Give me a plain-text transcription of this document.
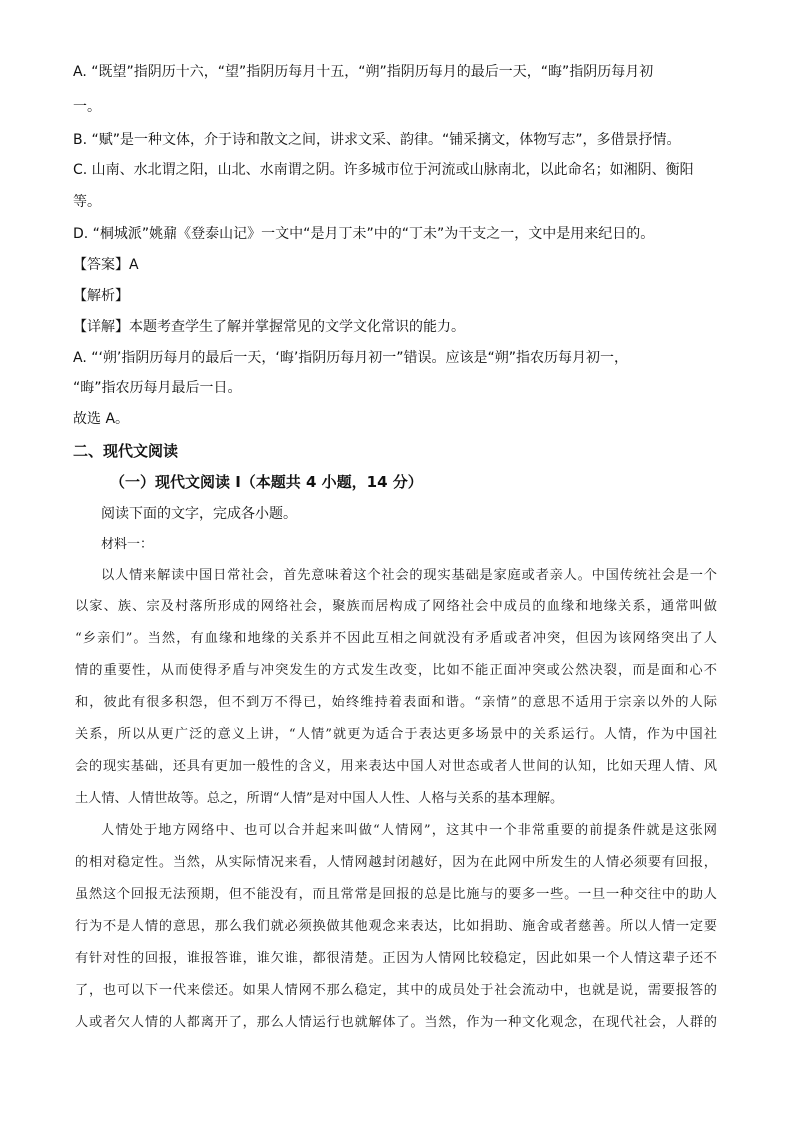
A. “既望”指阴历十六，“望”指阴历每月十五，“朔”指阴历每月的最后一天，“晦”指阴历每月初
一。
B. “赋”是一种文体，介于诗和散文之间，讲求文采、韵律。“铺采摛文，体物写志”，多借景抒情。
C. 山南、水北谓之阳，山北、水南谓之阴。许多城市位于河流或山脉南北，以此命名；如湘阴、衡阳
等。
D. “桐城派”姚鼐《登泰山记》一文中“是月丁未”中的“丁未”为干支之一，文中是用来纪日的。
【答案】A
【解析】
【详解】本题考查学生了解并掌握常见的文学文化常识的能力。
A. “‘朔’指阴历每月的最后一天，‘晦’指阴历每月初一”错误。应该是“朔”指农历每月初一，
“晦”指农历每月最后一日。
故选 A。
二、现代文阅读
（一）现代文阅读 I（本题共 4 小题，14 分）
阅读下面的文字，完成各小题。
材料一：
以人情来解读中国日常社会，首先意味着这个社会的现实基础是家庭或者亲人。中国传统社会是一个
以家、族、宗及村落所形成的网络社会，聚族而居构成了网络社会中成员的血缘和地缘关系，通常叫做
“乡亲们”。当然，有血缘和地缘的关系并不因此互相之间就没有矛盾或者冲突，但因为该网络突出了人
情的重要性，从而使得矛盾与冲突发生的方式发生改变，比如不能正面冲突或公然决裂，而是面和心不
和，彼此有很多积怨，但不到万不得已，始终维持着表面和谐。“亲情”的意思不适用于宗亲以外的人际
关系，所以从更广泛的意义上讲，“人情”就更为适合于表达更多场景中的关系运行。人情，作为中国社
会的现实基础，还具有更加一般性的含义，用来表达中国人对世态或者人世间的认知，比如天理人情、风
土人情、人情世故等。总之，所谓“人情”是对中国人人性、人格与关系的基本理解。
人情处于地方网络中、也可以合并起来叫做“人情网”，这其中一个非常重要的前提条件就是这张网
的相对稳定性。当然，从实际情况来看，人情网越封闭越好，因为在此网中所发生的人情必须要有回报，
虽然这个回报无法预期，但不能没有，而且常常是回报的总是比施与的要多一些。一旦一种交往中的助人
行为不是人情的意思，那么我们就必须换做其他观念来表达，比如捐助、施舍或者慈善。所以人情一定要
有针对性的回报，谁报答谁，谁欠谁，都很清楚。正因为人情网比较稳定，因此如果一个人情这辈子还不
了，也可以下一代来偿还。如果人情网不那么稳定，其中的成员处于社会流动中，也就是说，需要报答的
人或者欠人情的人都离开了，那么人情运行也就解体了。当然，作为一种文化观念，在现代社会，人群的
